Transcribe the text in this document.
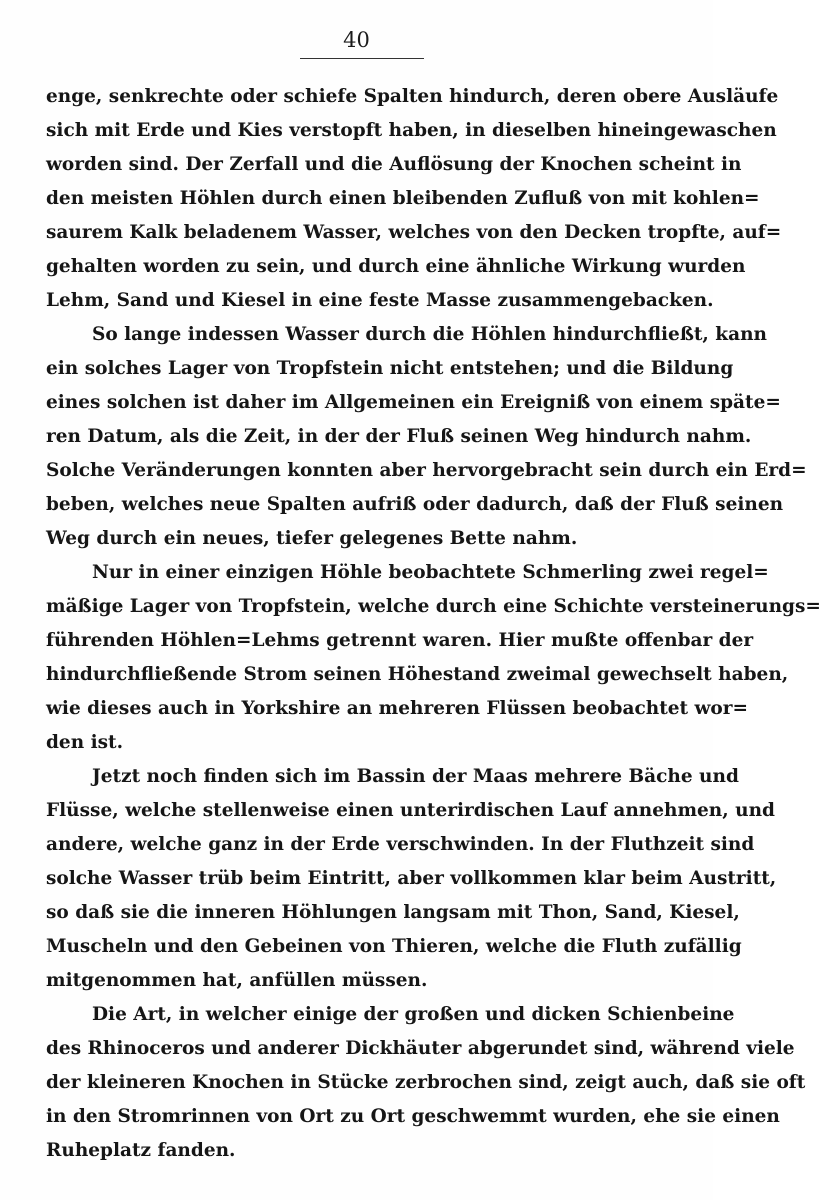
40
enge, senkrechte oder schiefe Spalten hindurch, deren obere Ausläufe
sich mit Erde und Kies verstopft haben, in dieselben hineingewaschen
worden sind. Der Zerfall und die Auflösung der Knochen scheint in
den meisten Höhlen durch einen bleibenden Zufluß von mit kohlen=
saurem Kalk beladenem Wasser, welches von den Decken tropfte, auf=
gehalten worden zu sein, und durch eine ähnliche Wirkung wurden
Lehm, Sand und Kiesel in eine feste Masse zusammengebacken.
So lange indessen Wasser durch die Höhlen hindurchfließt, kann
ein solches Lager von Tropfstein nicht entstehen; und die Bildung
eines solchen ist daher im Allgemeinen ein Ereigniß von einem späte=
ren Datum, als die Zeit, in der der Fluß seinen Weg hindurch nahm.
Solche Veränderungen konnten aber hervorgebracht sein durch ein Erd=
beben, welches neue Spalten aufriß oder dadurch, daß der Fluß seinen
Weg durch ein neues, tiefer gelegenes Bette nahm.
Nur in einer einzigen Höhle beobachtete Schmerling zwei regel=
mäßige Lager von Tropfstein, welche durch eine Schichte versteinerungs=
führenden Höhlen=Lehms getrennt waren. Hier mußte offenbar der
hindurchfließende Strom seinen Höhestand zweimal gewechselt haben,
wie dieses auch in Yorkshire an mehreren Flüssen beobachtet wor=
den ist.
Jetzt noch finden sich im Bassin der Maas mehrere Bäche und
Flüsse, welche stellenweise einen unterirdischen Lauf annehmen, und
andere, welche ganz in der Erde verschwinden. In der Fluthzeit sind
solche Wasser trüb beim Eintritt, aber vollkommen klar beim Austritt,
so daß sie die inneren Höhlungen langsam mit Thon, Sand, Kiesel,
Muscheln und den Gebeinen von Thieren, welche die Fluth zufällig
mitgenommen hat, anfüllen müssen.
Die Art, in welcher einige der großen und dicken Schienbeine
des Rhinoceros und anderer Dickhäuter abgerundet sind, während viele
der kleineren Knochen in Stücke zerbrochen sind, zeigt auch, daß sie oft
in den Stromrinnen von Ort zu Ort geschwemmt wurden, ehe sie einen
Ruheplatz fanden.
